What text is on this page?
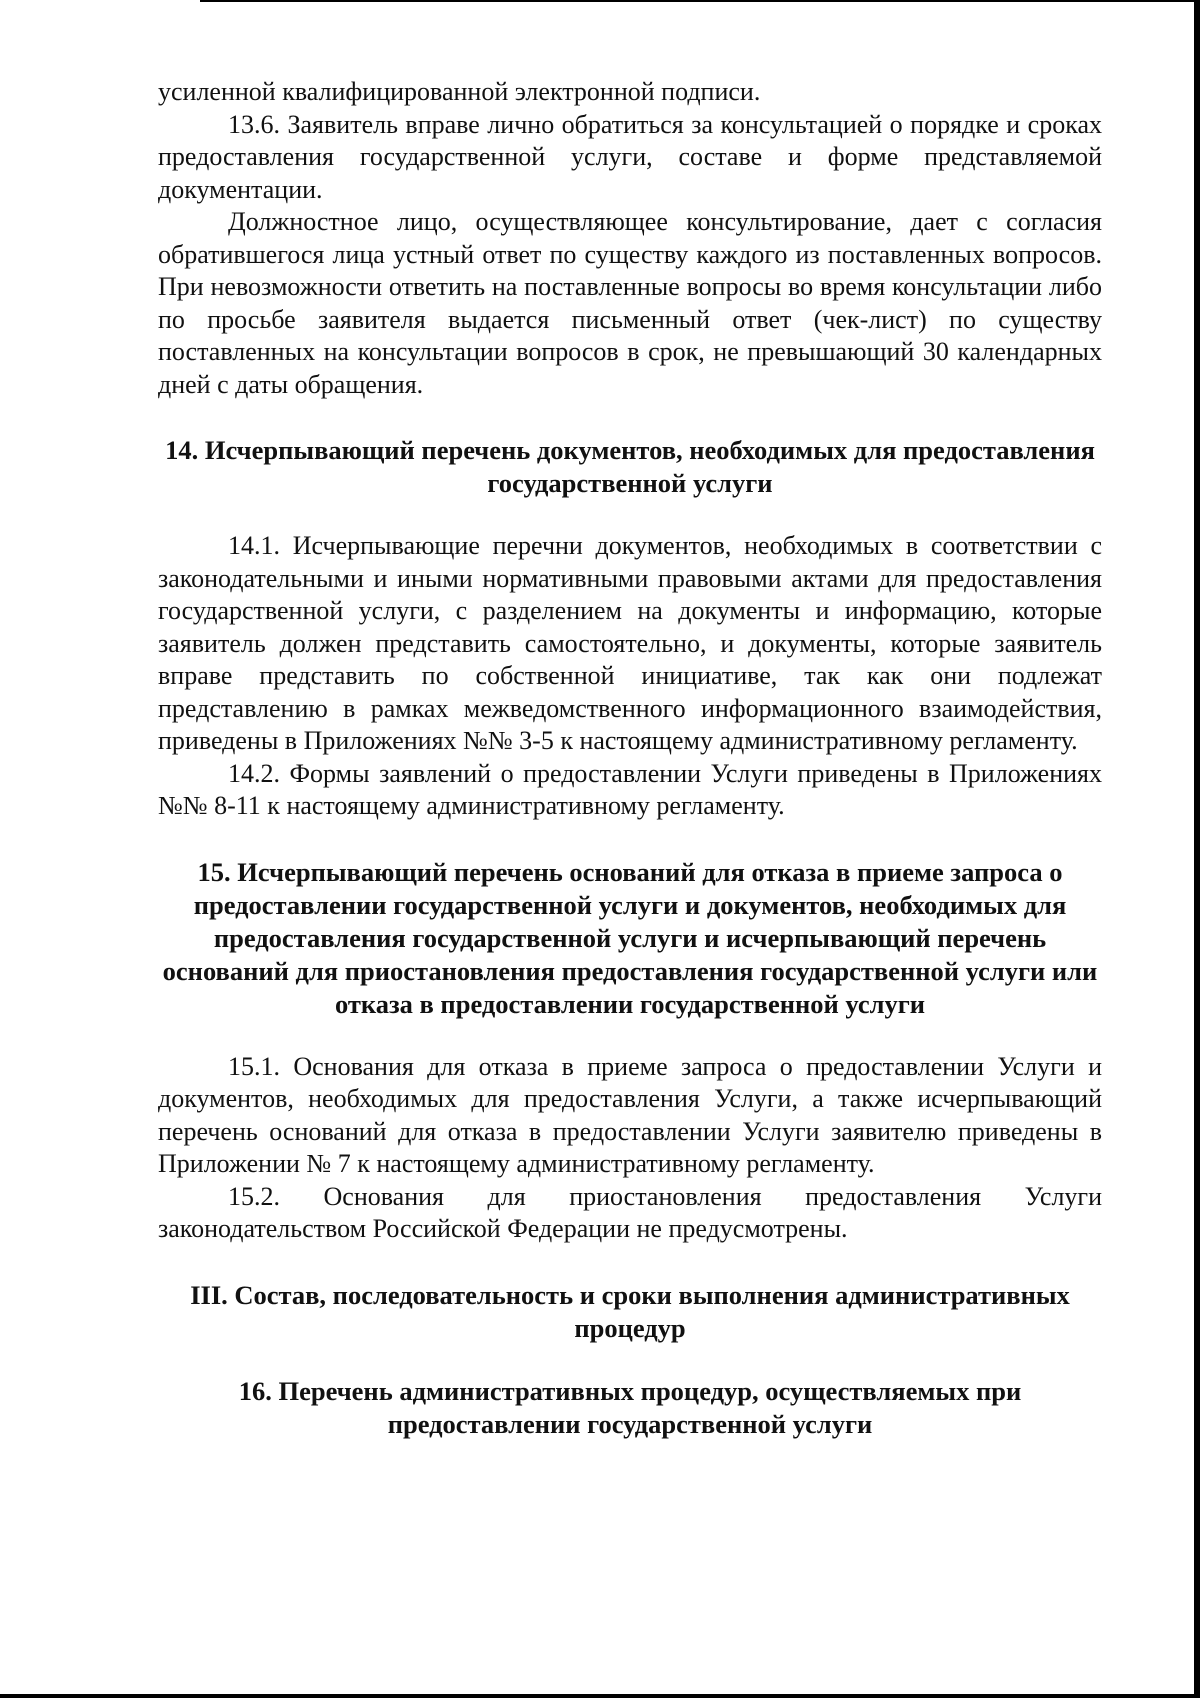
усиленной квалифицированной электронной подписи.

13.6. Заявитель вправе лично обратиться за консультацией о порядке и сроках предоставления государственной услуги, составе и форме представляемой документации.

Должностное лицо, осуществляющее консультирование, дает с согласия обратившегося лица устный ответ по существу каждого из поставленных вопросов. При невозможности ответить на поставленные вопросы во время консультации либо по просьбе заявителя выдается письменный ответ (чек-лист) по существу поставленных на консультации вопросов в срок, не превышающий 30 календарных дней с даты обращения.

14. Исчерпывающий перечень документов, необходимых для предоставления государственной услуги

14.1. Исчерпывающие перечни документов, необходимых в соответствии с законодательными и иными нормативными правовыми актами для предоставления государственной услуги, с разделением на документы и информацию, которые заявитель должен представить самостоятельно, и документы, которые заявитель вправе представить по собственной инициативе, так как они подлежат представлению в рамках межведомственного информационного взаимодействия, приведены в Приложениях №№ 3-5 к настоящему административному регламенту.

14.2. Формы заявлений о предоставлении Услуги приведены в Приложениях №№ 8-11 к настоящему административному регламенту.

15. Исчерпывающий перечень оснований для отказа в приеме запроса о предоставлении государственной услуги и документов, необходимых для предоставления государственной услуги и исчерпывающий перечень оснований для приостановления предоставления государственной услуги или отказа в предоставлении государственной услуги

15.1. Основания для отказа в приеме запроса о предоставлении Услуги и документов, необходимых для предоставления Услуги, а также исчерпывающий перечень оснований для отказа в предоставлении Услуги заявителю приведены в Приложении № 7 к настоящему административному регламенту.

15.2. Основания для приостановления предоставления Услуги законодательством Российской Федерации не предусмотрены.

III. Состав, последовательность и сроки выполнения административных процедур
16. Перечень административных процедур, осуществляемых при предоставлении государственной услуги
